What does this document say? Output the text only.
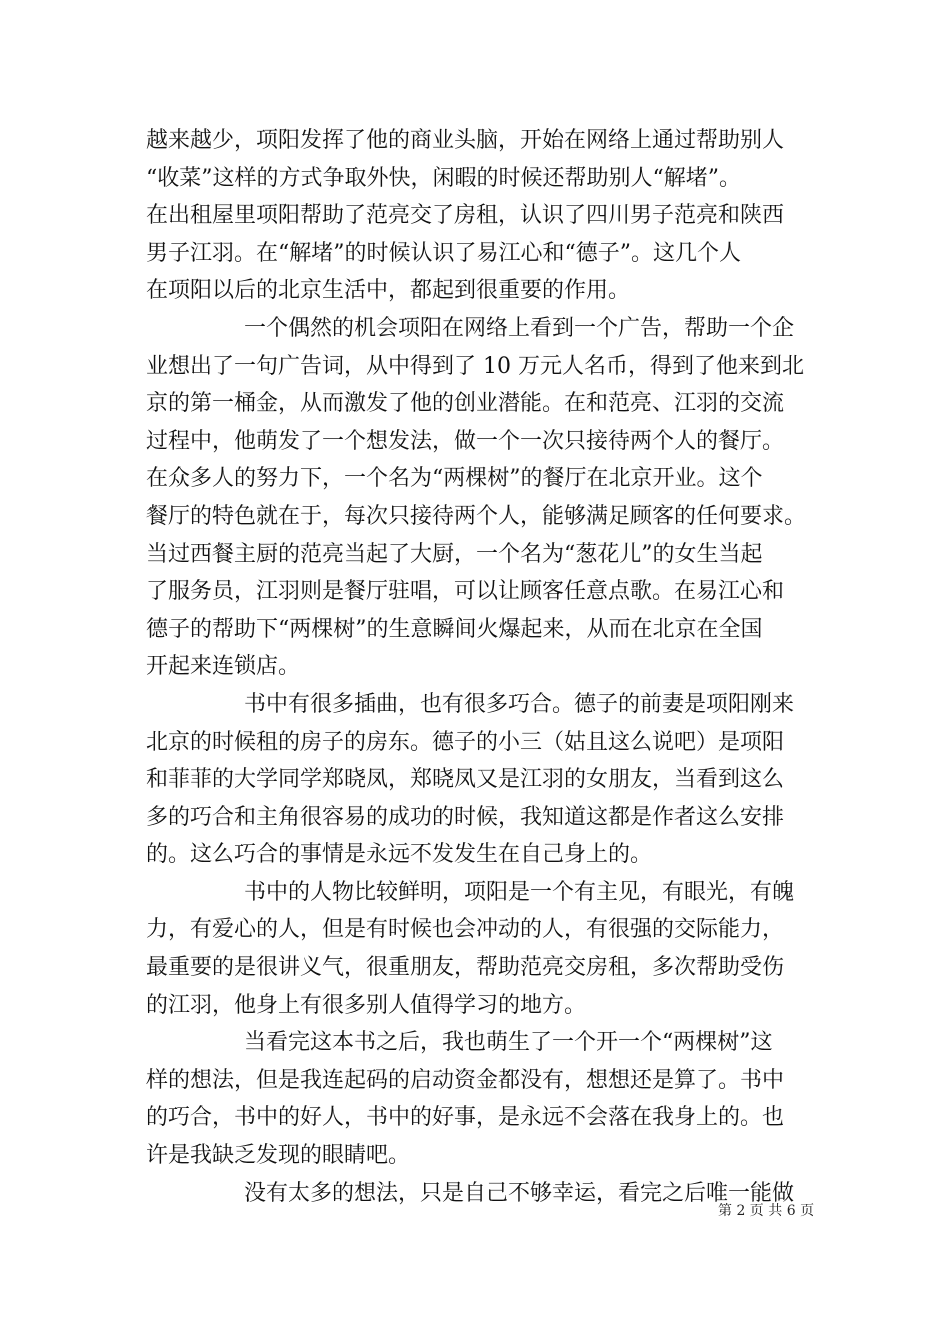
越来越少，项阳发挥了他的商业头脑，开始在网络上通过帮助别人
“收菜”这样的方式争取外快，闲暇的时候还帮助别人“解堵”。
在出租屋里项阳帮助了范亮交了房租，认识了四川男子范亮和陕西
男子江羽。在“解堵”的时候认识了易江心和“德子”。这几个人
在项阳以后的北京生活中，都起到很重要的作用。
一个偶然的机会项阳在网络上看到一个广告，帮助一个企
业想出了一句广告词，从中得到了 10 万元人名币，得到了他来到北
京的第一桶金，从而激发了他的创业潜能。在和范亮、江羽的交流
过程中，他萌发了一个想发法，做一个一次只接待两个人的餐厅。
在众多人的努力下，一个名为“两棵树”的餐厅在北京开业。这个
餐厅的特色就在于，每次只接待两个人，能够满足顾客的任何要求。
当过西餐主厨的范亮当起了大厨，一个名为“葱花儿”的女生当起
了服务员，江羽则是餐厅驻唱，可以让顾客任意点歌。在易江心和
德子的帮助下“两棵树”的生意瞬间火爆起来，从而在北京在全国
开起来连锁店。
书中有很多插曲，也有很多巧合。德子的前妻是项阳刚来
北京的时候租的房子的房东。德子的小三（姑且这么说吧）是项阳
和菲菲的大学同学郑晓凤，郑晓凤又是江羽的女朋友，当看到这么
多的巧合和主角很容易的成功的时候，我知道这都是作者这么安排
的。这么巧合的事情是永远不发发生在自己身上的。
书中的人物比较鲜明，项阳是一个有主见，有眼光，有魄
力，有爱心的人，但是有时候也会冲动的人，有很强的交际能力，
最重要的是很讲义气，很重朋友，帮助范亮交房租，多次帮助受伤
的江羽，他身上有很多别人值得学习的地方。
当看完这本书之后，我也萌生了一个开一个“两棵树”这
样的想法，但是我连起码的启动资金都没有，想想还是算了。书中
的巧合，书中的好人，书中的好事，是永远不会落在我身上的。也
许是我缺乏发现的眼睛吧。
没有太多的想法，只是自己不够幸运，看完之后唯一能做
第 2 页 共 6 页
